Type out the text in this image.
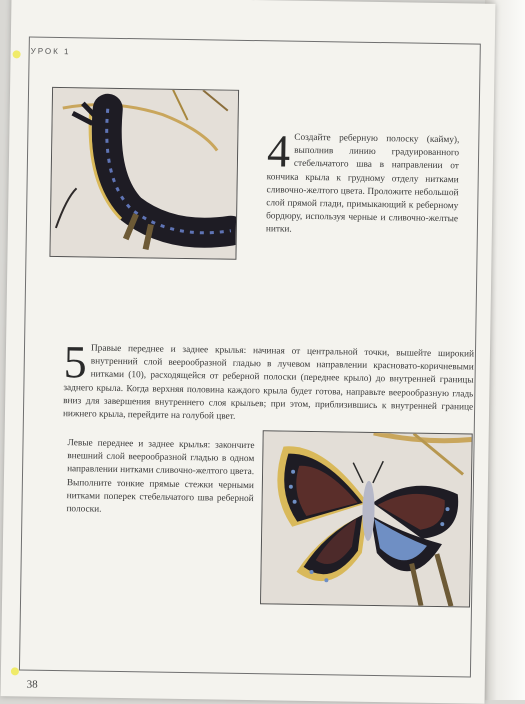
УРОК 1
4 Создайте реберную полоску (кайму), выполнив линию градуированного стебельчатого шва в направлении от кончика крыла к грудному отделу нитками сливочно-желтого цвета. Проложите небольшой слой прямой глади, примыкающий к реберному бордюру, используя черные и сливочно-желтые нитки.
5 Правые переднее и заднее крылья: начиная от центральной точки, вышейте широкий внутренний слой веерообразной гладью в лучевом направлении красновато-коричневыми нитками (10), расходящейся от реберной полоски (переднее крыло) до внутренней границы заднего крыла. Когда верхняя половина каждого крыла будет готова, направьте веерообразную гладь вниз для завершения внутреннего слоя крыльев; при этом, приблизившись к внутренней границе нижнего крыла, перейдите на голубой цвет.
Левые переднее и заднее крылья: закончите внешний слой веерообразной гладью в одном направлении нитками сливочно-желтого цвета. Выполните тонкие прямые стежки черными нитками поперек стебельчатого шва реберной полоски.
38
